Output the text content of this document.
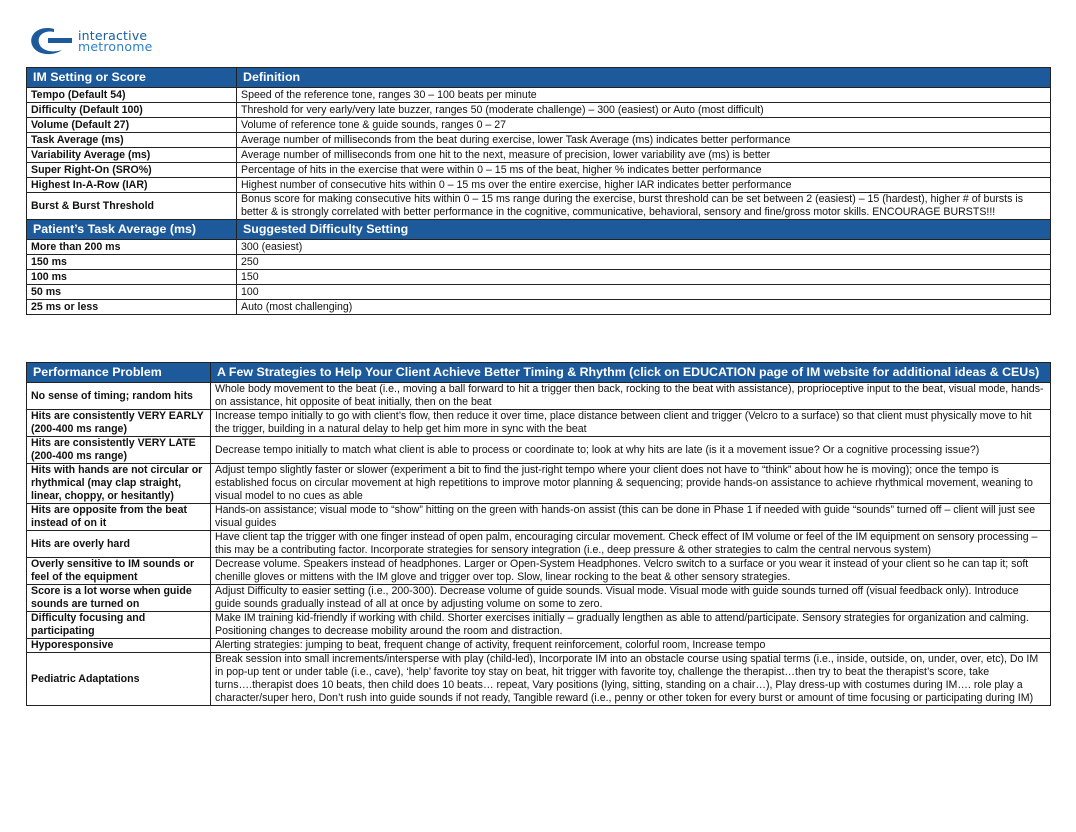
interactive
metronome
IM Setting or Score	Definition
Tempo (Default 54)	Speed of the reference tone, ranges 30 – 100 beats per minute
Difficulty (Default 100)	Threshold for very early/very late buzzer, ranges 50 (moderate challenge) – 300 (easiest) or Auto (most difficult)
Volume (Default 27)	Volume of reference tone & guide sounds, ranges 0 – 27
Task Average (ms)	Average number of milliseconds from the beat during exercise, lower Task Average (ms) indicates better performance
Variability Average (ms)	Average number of milliseconds from one hit to the next, measure of precision, lower variability ave (ms) is better
Super Right-On (SRO%)	Percentage of hits in the exercise that were within 0 – 15 ms of the beat, higher % indicates better performance
Highest In-A-Row (IAR)	Highest number of consecutive hits within 0 – 15 ms over the entire exercise, higher IAR indicates better performance
Burst & Burst Threshold	Bonus score for making consecutive hits within 0 – 15 ms range during the exercise, burst threshold can be set between 2 (easiest) – 15 (hardest), higher # of bursts is better & is strongly correlated with better performance in the cognitive, communicative, behavioral, sensory and fine/gross motor skills. ENCOURAGE BURSTS!!!
Patient’s Task Average (ms)	Suggested Difficulty Setting
More than 200 ms	300 (easiest)
150 ms	250
100 ms	150
50 ms	100
25 ms or less	Auto (most challenging)
Performance Problem	A Few Strategies to Help Your Client Achieve Better Timing & Rhythm (click on EDUCATION page of IM website for additional ideas & CEUs)
No sense of timing; random hits	Whole body movement to the beat (i.e., moving a ball forward to hit a trigger then back, rocking to the beat with assistance), proprioceptive input to the beat, visual mode, hands-on assistance, hit opposite of beat initially, then on the beat
Hits are consistently VERY EARLY (200-400 ms range)	Increase tempo initially to go with client’s flow, then reduce it over time, place distance between client and trigger (Velcro to a surface) so that client must physically move to hit the trigger, building in a natural delay to help get him more in sync with the beat
Hits are consistently VERY LATE (200-400 ms range)	Decrease tempo initially to match what client is able to process or coordinate to; look at why hits are late (is it a movement issue? Or a cognitive processing issue?)
Hits with hands are not circular or rhythmical (may clap straight, linear, choppy, or hesitantly)	Adjust tempo slightly faster or slower (experiment a bit to find the just-right tempo where your client does not have to “think” about how he is moving); once the tempo is established focus on circular movement at high repetitions to improve motor planning & sequencing; provide hands-on assistance to achieve rhythmical movement, weaning to visual model to no cues as able
Hits are opposite from the beat instead of on it	Hands-on assistance; visual mode to “show” hitting on the green with hands-on assist (this can be done in Phase 1 if needed with guide “sounds” turned off – client will just see visual guides
Hits are overly hard	Have client tap the trigger with one finger instead of open palm, encouraging circular movement. Check effect of IM volume or feel of the IM equipment on sensory processing – this may be a contributing factor. Incorporate strategies for sensory integration (i.e., deep pressure & other strategies to calm the central nervous system)
Overly sensitive to IM sounds or feel of the equipment	Decrease volume. Speakers instead of headphones. Larger or Open-System Headphones. Velcro switch to a surface or you wear it instead of your client so he can tap it; soft chenille gloves or mittens with the IM glove and trigger over top. Slow, linear rocking to the beat & other sensory strategies.
Score is a lot worse when guide sounds are turned on	Adjust Difficulty to easier setting (i.e., 200-300). Decrease volume of guide sounds. Visual mode. Visual mode with guide sounds turned off (visual feedback only). Introduce guide sounds gradually instead of all at once by adjusting volume on some to zero.
Difficulty focusing and participating	Make IM training kid-friendly if working with child. Shorter exercises initially – gradually lengthen as able to attend/participate. Sensory strategies for organization and calming. Positioning changes to decrease mobility around the room and distraction.
Hyporesponsive	Alerting strategies: jumping to beat, frequent change of activity, frequent reinforcement, colorful room, Increase tempo
Pediatric Adaptations	Break session into small increments/intersperse with play (child-led), Incorporate IM into an obstacle course using spatial terms (i.e., inside, outside, on, under, over, etc), Do IM in pop-up tent or under table (i.e., cave), ‘help’ favorite toy stay on beat, hit trigger with favorite toy, challenge the therapist…then try to beat the therapist’s score, take turns….therapist does 10 beats, then child does 10 beats… repeat, Vary positions (lying, sitting, standing on a chair…), Play dress-up with costumes during IM…. role play a character/super hero, Don’t rush into guide sounds if not ready, Tangible reward (i.e., penny or other token for every burst or amount of time focusing or participating during IM)
